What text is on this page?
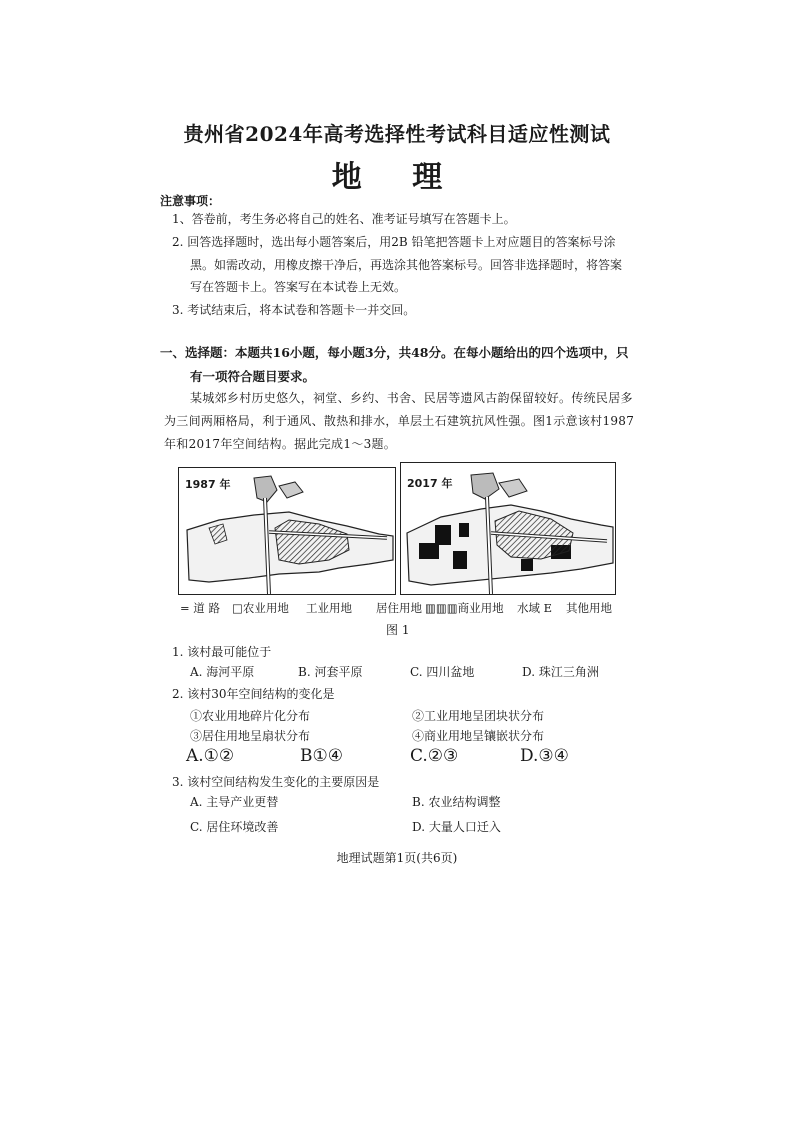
贵州省2024年高考选择性考试科目适应性测试
地 理
注意事项：
1、答卷前，考生务必将自己的姓名、准考证号填写在答题卡上。
2. 回答选择题时，选出每小题答案后，用2B 铅笔把答题卡上对应题目的答案标号涂
黑。如需改动，用橡皮擦干净后，再选涂其他答案标号。回答非选择题时，将答案
写在答题卡上。答案写在本试卷上无效。
3. 考试结束后，将本试卷和答题卡一并交回。
一、选择题：本题共16小题，每小题3分，共48分。在每小题给出的四个选项中，只
有一项符合题目要求。
某城郊乡村历史悠久，祠堂、乡约、书舍、民居等遗风古韵保留较好。传统民居多
为三间两厢格局，利于通风、散热和排水，单层土石建筑抗风性强。图1示意该村1987
年和2017年空间结构。据此完成1～3题。
1987 年	2017 年
= 道 路 □农业用地 工业用地 居住用地 ▥▥▥商业用地 水域 E 其他用地
图 1
1. 该村最可能位于
A. 海河平原	B. 河套平原	C. 四川盆地	D. 珠江三角洲
2. 该村30年空间结构的变化是
①农业用地碎片化分布	②工业用地呈团块状分布
③居住用地呈扇状分布	④商业用地呈镶嵌状分布
A.①②	B①④	C.②③	D.③④
3. 该村空间结构发生变化的主要原因是
A. 主导产业更替	B. 农业结构调整
C. 居住环境改善	D. 大量人口迁入
地理试题第1页(共6页)
